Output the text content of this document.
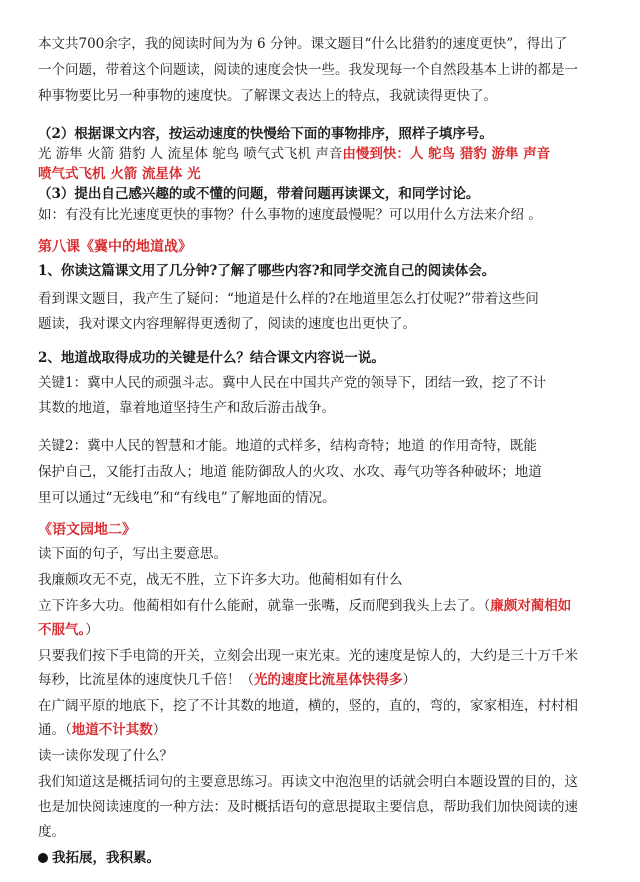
本文共700余字，我的阅读时间为为 6 分钟。课文题目“什么比猎豹的速度更快”，得出了
一个问题，带着这个问题读，阅读的速度会快一些。我发现每一个自然段基本上讲的都是一
种事物要比另一种事物的速度快。了解课文表达上的特点，我就读得更快了。
（2）根据课文内容，按运动速度的快慢给下面的事物排序，照样子填序号。
光 游隼 火箭 猎豹 人 流星体 鸵鸟 喷气式飞机 声音由慢到快：人 鸵鸟 猎豹 游隼 声音
喷气式飞机 火箭 流星体 光
（3）提出自己感兴趣的或不懂的问题，带着问题再读课文，和同学讨论。
如：有没有比光速度更快的事物？什么事物的速度最慢呢？可以用什么方法来介绍 。
第八课《冀中的地道战》
1、你读这篇课文用了几分钟?了解了哪些内容?和同学交流自己的阅读体会。
看到课文题目，我产生了疑问：“地道是什么样的?在地道里怎么打仗呢?”带着这些问
题读，我对课文内容理解得更透彻了，阅读的速度也出更快了。
2、地道战取得成功的关键是什么？结合课文内容说一说。
关键1：冀中人民的顽强斗志。冀中人民在中国共产党的领导下，团结一致，挖了不计
其数的地道，靠着地道坚持生产和敌后游击战争。
关键2：冀中人民的智慧和才能。地道的式样多，结构奇特；地道 的作用奇特，既能
保护自己，又能打击敌人；地道 能防御敌人的火攻、水攻、毒气功等各种破坏；地道
里可以通过“无线电”和“有线电”了解地面的情况。
《语文园地二》
读下面的句子，写出主要意思。
我廉颇攻无不克，战无不胜，立下许多大功。他蔺相如有什么
立下许多大功。他蔺相如有什么能耐，就靠一张嘴，反而爬到我头上去了。（廉颇对蔺相如
不服气。）
只要我们按下手电筒的开关，立刻会出现一束光束。光的速度是惊人的，大约是三十万千米
每秒，比流星体的速度快几千倍！（光的速度比流星体快得多）
在广阔平原的地底下，挖了不计其数的地道，横的，竖的，直的，弯的，家家相连，村村相
通。（地道不计其数）
读一读你发现了什么？
我们知道这是概括词句的主要意思练习。再读文中泡泡里的话就会明白本题设置的目的，这
也是加快阅读速度的一种方法：及时概括语句的意思提取主要信息，帮助我们加快阅读的速
度。
我拓展，我积累。
